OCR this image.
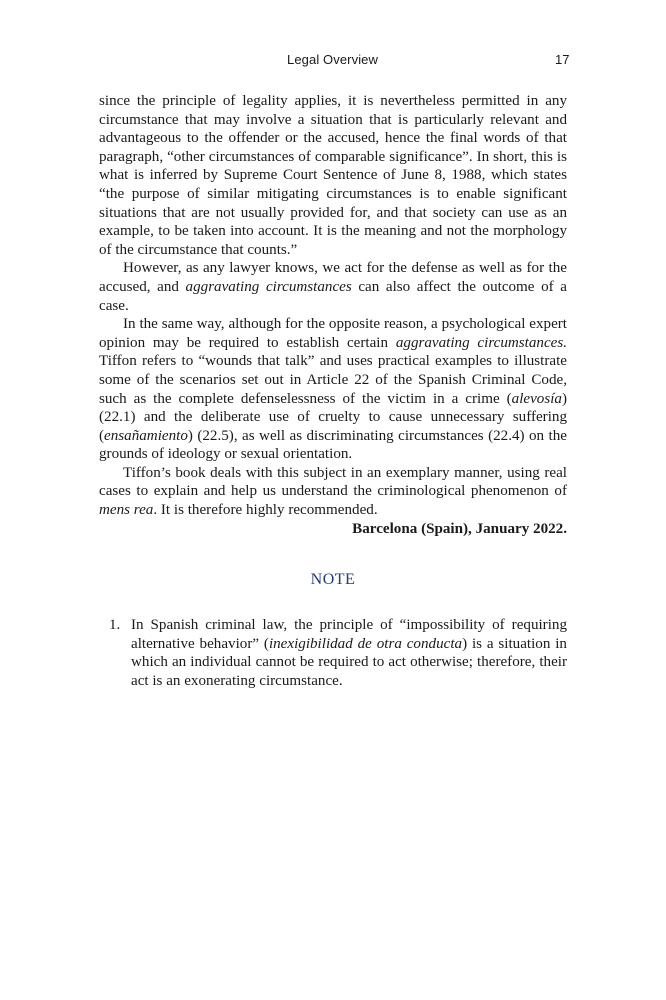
Legal Overview	17

since the principle of legality applies, it is nevertheless permitted in any circumstance that may involve a situation that is particularly relevant and advantageous to the offender or the accused, hence the final words of that paragraph, “other circumstances of comparable significance”. In short, this is what is inferred by Supreme Court Sentence of June 8, 1988, which states “the purpose of similar mitigating circumstances is to enable significant situations that are not usually provided for, and that society can use as an example, to be taken into account. It is the meaning and not the morphology of the circumstance that counts.”

However, as any lawyer knows, we act for the defense as well as for the accused, and aggravating circumstances can also affect the outcome of a case.

In the same way, although for the opposite reason, a psychological expert opinion may be required to establish certain aggravating circumstances. Tiffon refers to “wounds that talk” and uses practical examples to illustrate some of the scenarios set out in Article 22 of the Spanish Criminal Code, such as the complete defenselessness of the victim in a crime (alevosía) (22.1) and the deliberate use of cruelty to cause unnecessary suffering (ensañamiento) (22.5), as well as discriminating circumstances (22.4) on the grounds of ideology or sexual orientation.

Tiffon’s book deals with this subject in an exemplary manner, using real cases to explain and help us understand the criminological phenomenon of mens rea. It is therefore highly recommended.

Barcelona (Spain), January 2022.

NOTE
1. In Spanish criminal law, the principle of “impossibility of requiring alternative behavior” (inexigibilidad de otra conducta) is a situation in which an individual cannot be required to act otherwise; therefore, their act is an exonerating circumstance.
